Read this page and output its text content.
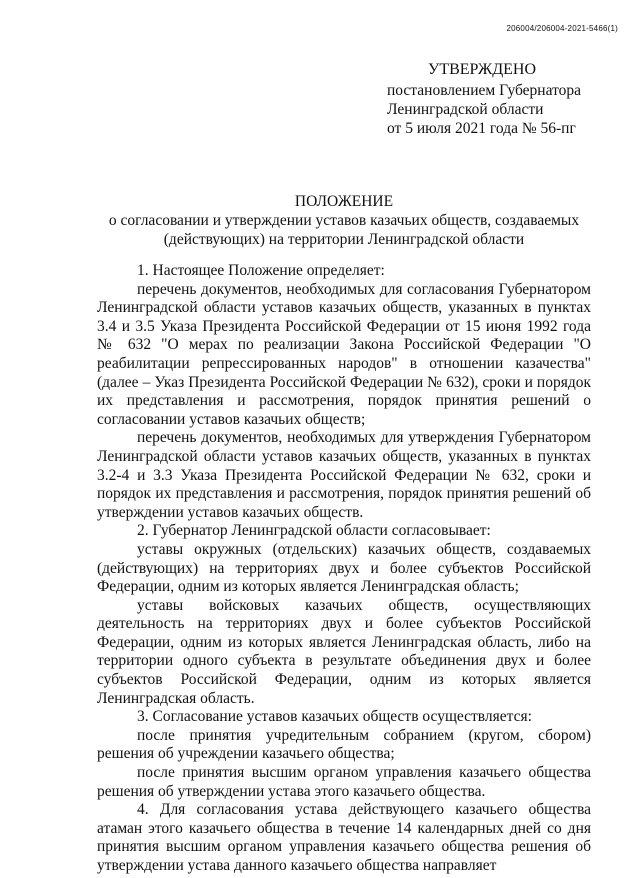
206004/206004-2021-5466(1)
УТВЕРЖДЕНО
постановлением Губернатора
Ленинградской области
от 5 июля 2021 года № 56-пг
ПОЛОЖЕНИЕ
о согласовании и утверждении уставов казачьих обществ, создаваемых (действующих) на территории Ленинградской области

1. Настоящее Положение определяет:

перечень документов, необходимых для согласования Губернатором Ленинградской области уставов казачьих обществ, указанных в пунктах 3.4 и 3.5 Указа Президента Российской Федерации от 15 июня 1992 года № 632 "О мерах по реализации Закона Российской Федерации "О реабилитации репрессированных народов" в отношении казачества" (далее – Указ Президента Российской Федерации № 632), сроки и порядок их представления и рассмотрения, порядок принятия решений о согласовании уставов казачьих обществ;

перечень документов, необходимых для утверждения Губернатором Ленинградской области уставов казачьих обществ, указанных в пунктах 3.2-4 и 3.3 Указа Президента Российской Федерации № 632, сроки и порядок их представления и рассмотрения, порядок принятия решений об утверждении уставов казачьих обществ.

2. Губернатор Ленинградской области согласовывает:

уставы окружных (отдельских) казачьих обществ, создаваемых (действующих) на территориях двух и более субъектов Российской Федерации, одним из которых является Ленинградская область;

уставы войсковых казачьих обществ, осуществляющих деятельность на территориях двух и более субъектов Российской Федерации, одним из которых является Ленинградская область, либо на территории одного субъекта в результате объединения двух и более субъектов Российской Федерации, одним из которых является Ленинградская область.

3. Согласование уставов казачьих обществ осуществляется:

после принятия учредительным собранием (кругом, сбором) решения об учреждении казачьего общества;

после принятия высшим органом управления казачьего общества решения об утверждении устава этого казачьего общества.

4. Для согласования устава действующего казачьего общества атаман этого казачьего общества в течение 14 календарных дней со дня принятия высшим органом управления казачьего общества решения об утверждении устава данного казачьего общества направляет
